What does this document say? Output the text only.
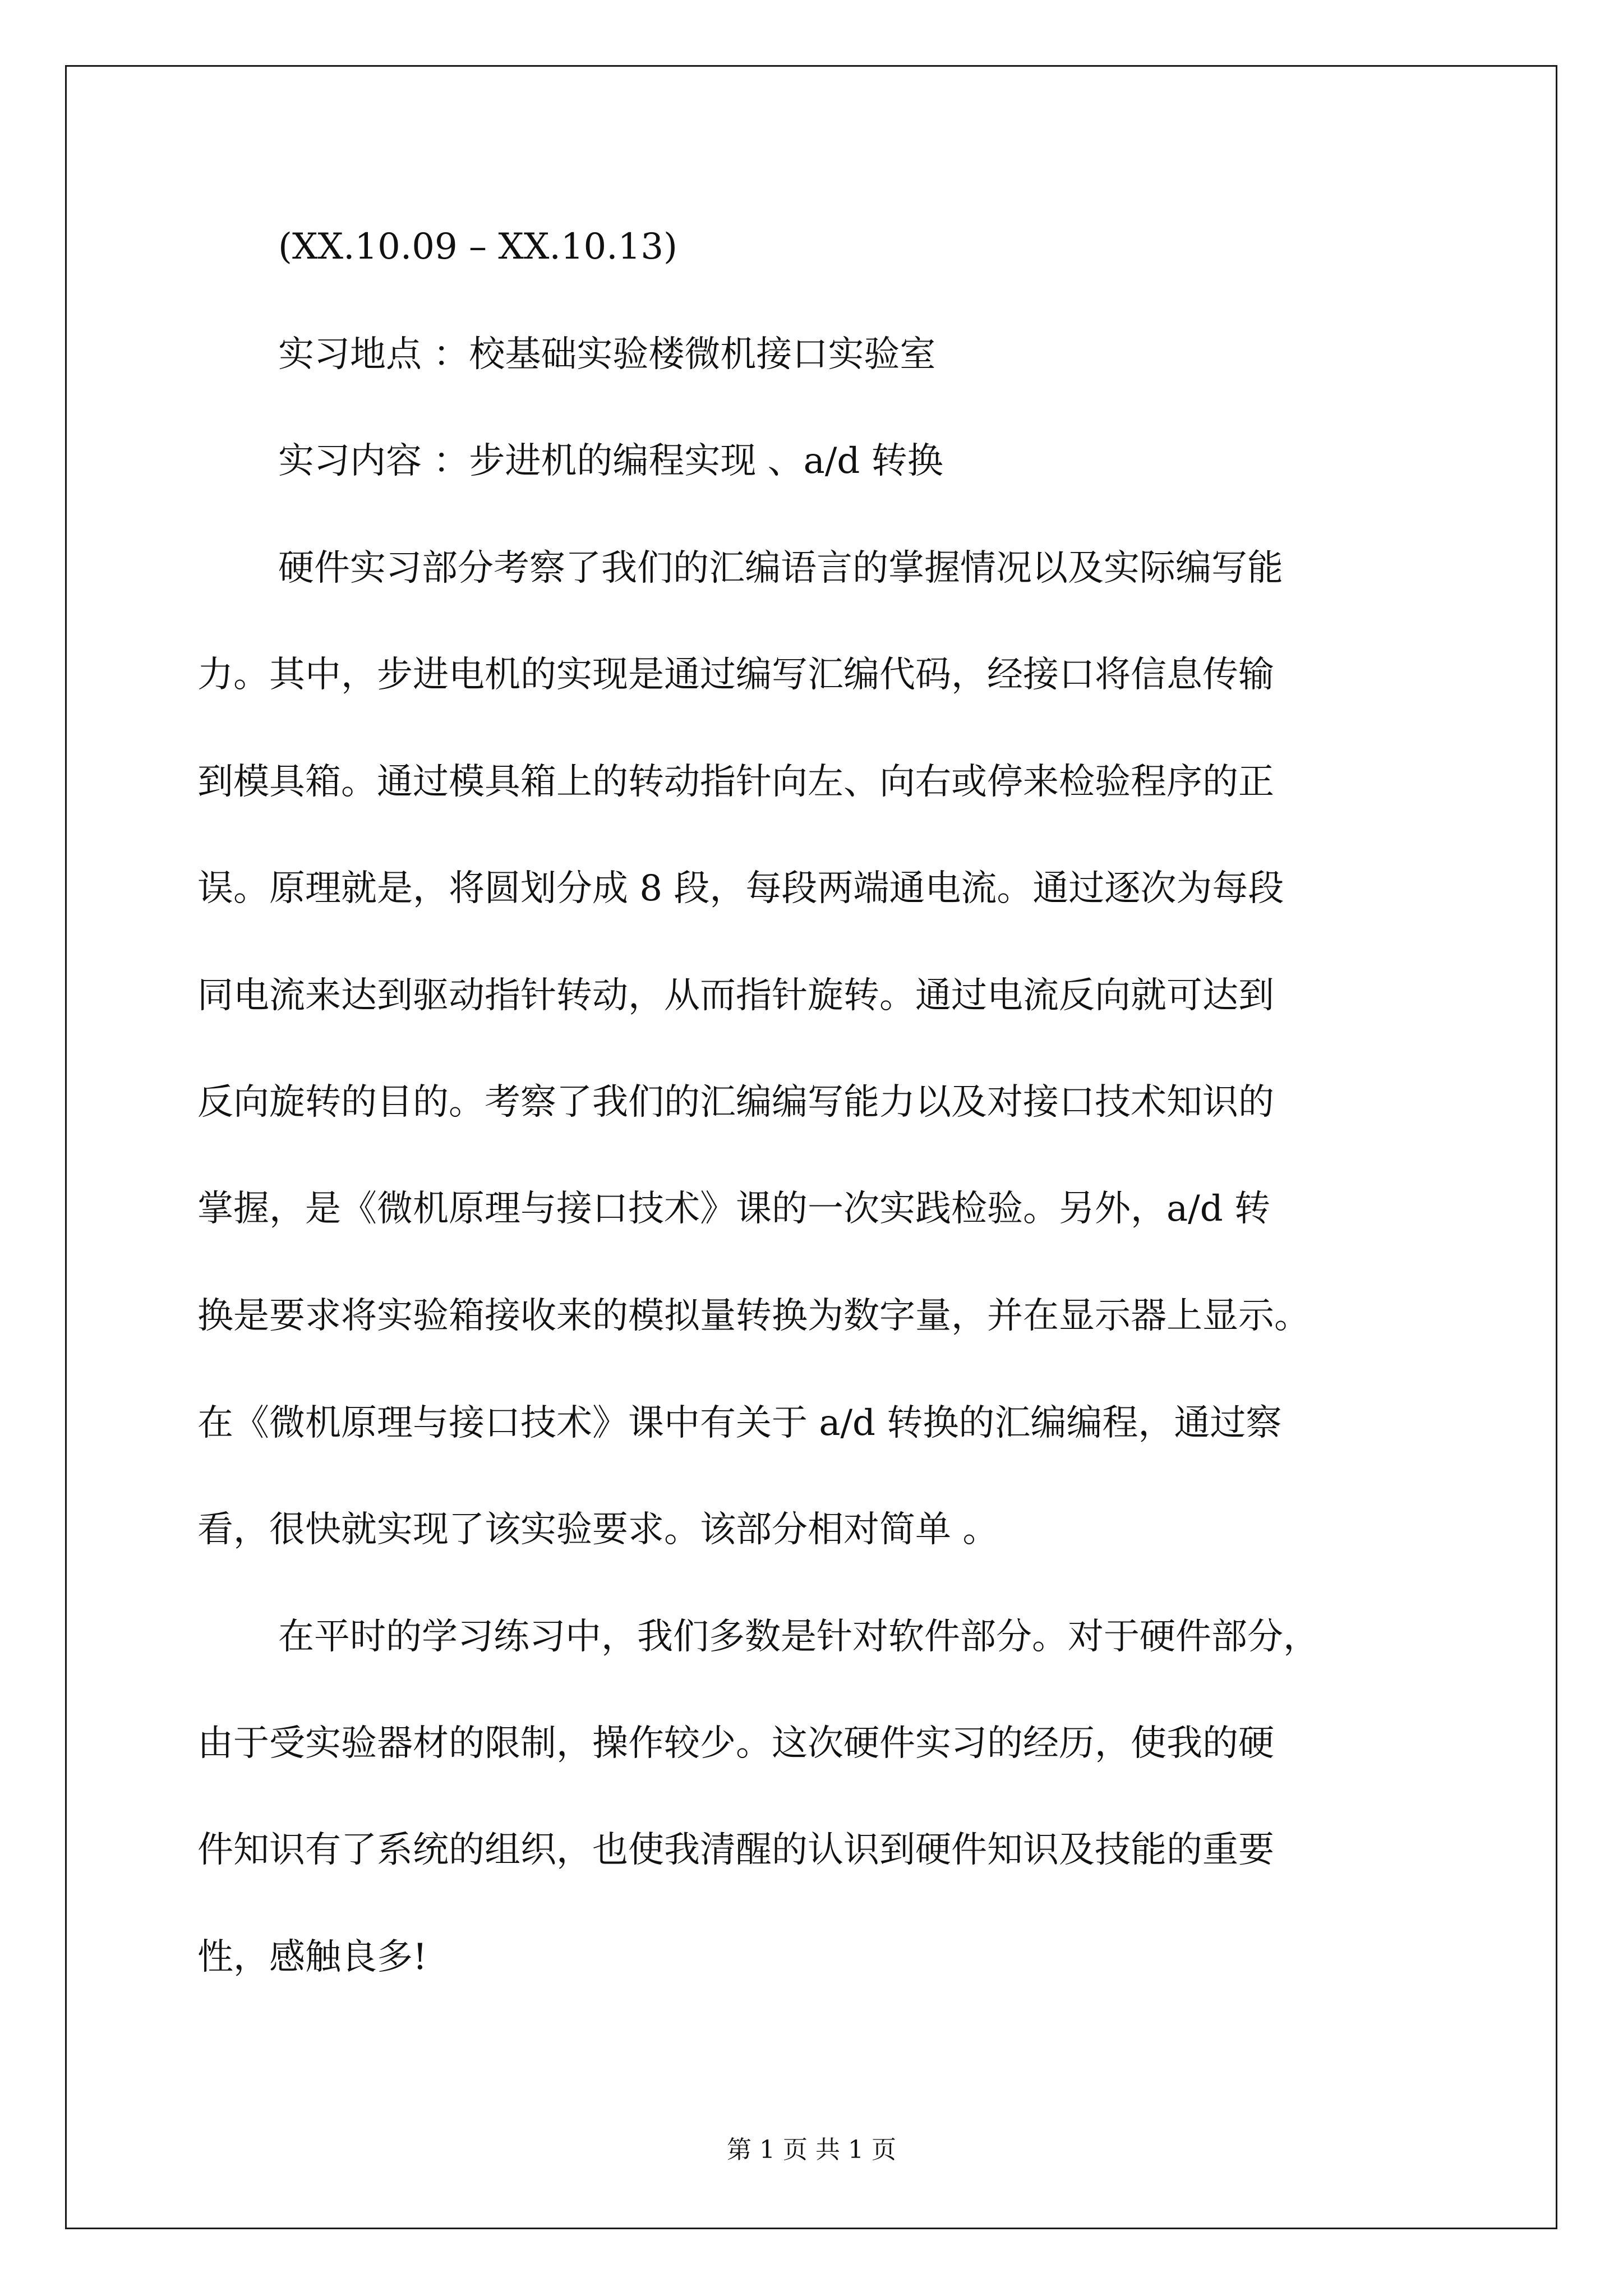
(XX.10.09 – XX.10.13)
实习地点 ：校基础实验楼微机接口实验室
实习内容 ：步进机的编程实现 、a/d 转换
硬件实习部分考察了我们的汇编语言的掌握情况以及实际编写能
力。其中，步进电机的实现是通过编写汇编代码，经接口将信息传输
到模具箱。通过模具箱上的转动指针向左、向右或停来检验程序的正
误。原理就是，将圆划分成 8 段，每段两端通电流。通过逐次为每段
同电流来达到驱动指针转动，从而指针旋转。通过电流反向就可达到
反向旋转的目的。考察了我们的汇编编写能力以及对接口技术知识的
掌握，是《微机原理与接口技术》课的一次实践检验。另外，a/d 转
换是要求将实验箱接收来的模拟量转换为数字量，并在显示器上显示。
在《微机原理与接口技术》课中有关于 a/d 转换的汇编编程，通过察
看，很快就实现了该实验要求。该部分相对简单 。
在平时的学习练习中，我们多数是针对软件部分。对于硬件部分，
由于受实验器材的限制，操作较少。这次硬件实习的经历，使我的硬
件知识有了系统的组织，也使我清醒的认识到硬件知识及技能的重要
性，感触良多!
第 1 页 共 1 页
